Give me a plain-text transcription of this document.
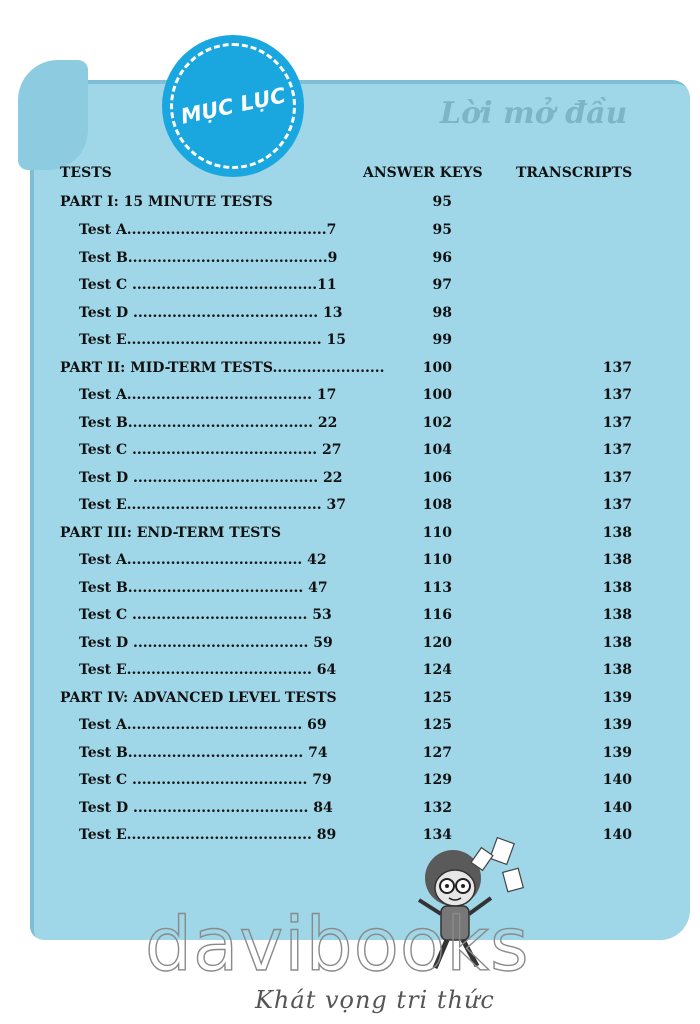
Lời mở đầu
MỤC LỤC
TESTS	ANSWER KEYS TRANSCRIPTS
PART I: 15 MINUTE TESTS	95
Test A.........................................7	95
Test B.........................................9	96
Test C ......................................11	97
Test D ...................................... 13	98
Test E........................................ 15	99
PART II: MID-TERM TESTS.......................	100	137
Test A...................................... 17	100	137
Test B...................................... 22	102	137
Test C ...................................... 27	104	137
Test D ...................................... 22	106	137
Test E........................................ 37	108	137
PART III: END-TERM TESTS	110	138
Test A.................................... 42	110	138
Test B.................................... 47	113	138
Test C .................................... 53	116	138
Test D .................................... 59	120	138
Test E...................................... 64	124	138
PART IV: ADVANCED LEVEL TESTS	125	139
Test A.................................... 69	125	139
Test B.................................... 74	127	139
Test C .................................... 79	129	140
Test D .................................... 84	132	140
Test E...................................... 89	134	140
davibooks
Khát vọng tri thức
